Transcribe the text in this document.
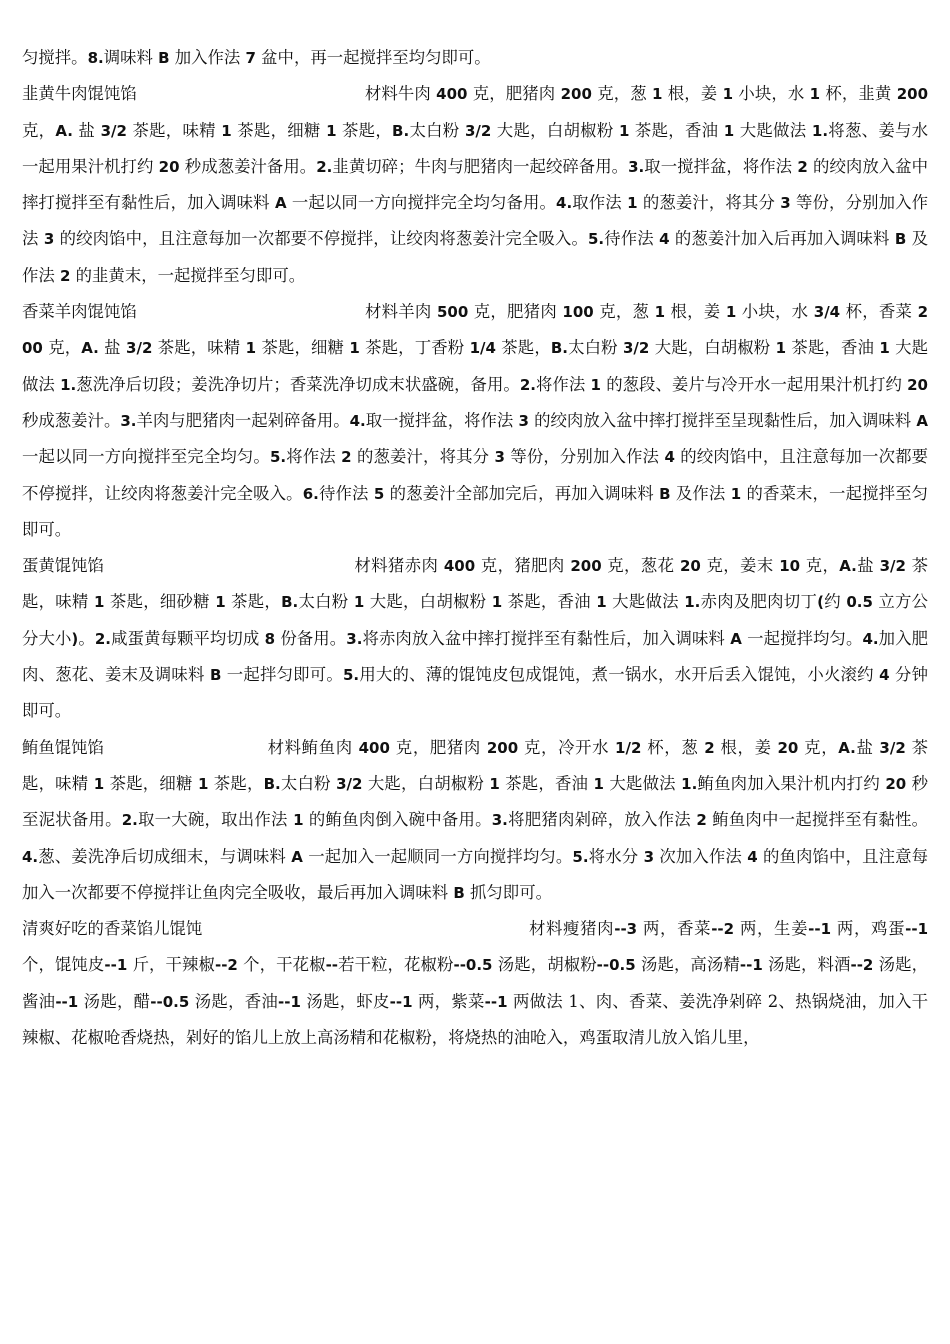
匀搅拌。8.调味料 B 加入作法 7 盆中，再一起搅拌至均匀即可。

韭黄牛肉馄饨馅	材料牛肉 400 克，肥猪肉 200 克，葱 1 根，姜 1 小块，水 1 杯，韭黄 200 克，A. 盐 3/2 茶匙，味精 1 茶匙，细糖 1 茶匙，B.太白粉 3/2 大匙，白胡椒粉 1 茶匙，香油 1 大匙做法 1.将葱、姜与水一起用果汁机打约 20 秒成葱姜汁备用。2.韭黄切碎；牛肉与肥猪肉一起绞碎备用。3.取一搅拌盆，将作法 2 的绞肉放入盆中摔打搅拌至有黏性后，加入调味料 A 一起以同一方向搅拌完全均匀备用。4.取作法 1 的葱姜汁，将其分 3 等份，分别加入作法 3 的绞肉馅中，且注意每加一次都要不停搅拌，让绞肉将葱姜汁完全吸入。5.待作法 4 的葱姜汁加入后再加入调味料 B 及作法 2 的韭黄末，一起搅拌至匀即可。

香菜羊肉馄饨馅	材料羊肉 500 克，肥猪肉 100 克，葱 1 根，姜 1 小块，水 3/4 杯，香菜 200 克，A. 盐 3/2 茶匙，味精 1 茶匙，细糖 1 茶匙，丁香粉 1/4 茶匙，B.太白粉 3/2 大匙，白胡椒粉 1 茶匙，香油 1 大匙做法 1.葱洗净后切段；姜洗净切片；香菜洗净切成末状盛碗，备用。2.将作法 1 的葱段、姜片与冷开水一起用果汁机打约 20 秒成葱姜汁。3.羊肉与肥猪肉一起剁碎备用。4.取一搅拌盆，将作法 3 的绞肉放入盆中摔打搅拌至呈现黏性后，加入调味料 A 一起以同一方向搅拌至完全均匀。5.将作法 2 的葱姜汁，将其分 3 等份，分别加入作法 4 的绞肉馅中，且注意每加一次都要不停搅拌，让绞肉将葱姜汁完全吸入。6.待作法 5 的葱姜汁全部加完后，再加入调味料 B 及作法 1 的香菜末，一起搅拌至匀即可。

蛋黄馄饨馅	材料猪赤肉 400 克，猪肥肉 200 克，葱花 20 克，姜末 10 克，A.盐 3/2 茶匙，味精 1 茶匙，细砂糖 1 茶匙，B.太白粉 1 大匙，白胡椒粉 1 茶匙，香油 1 大匙做法 1.赤肉及肥肉切丁(约 0.5 立方公分大小)。2.咸蛋黄每颗平均切成 8 份备用。3.将赤肉放入盆中摔打搅拌至有黏性后，加入调味料 A 一起搅拌均匀。4.加入肥肉、葱花、姜末及调味料 B 一起拌匀即可。5.用大的、薄的馄饨皮包成馄饨，煮一锅水，水开后丢入馄饨，小火滚约 4 分钟即可。

鲔鱼馄饨馅	材料鲔鱼肉 400 克，肥猪肉 200 克，冷开水 1/2 杯，葱 2 根，姜 20 克，A.盐 3/2 茶匙，味精 1 茶匙，细糖 1 茶匙，B.太白粉 3/2 大匙，白胡椒粉 1 茶匙，香油 1 大匙做法 1.鲔鱼肉加入果汁机内打约 20 秒至泥状备用。2.取一大碗，取出作法 1 的鲔鱼肉倒入碗中备用。3.将肥猪肉剁碎，放入作法 2 鲔鱼肉中一起搅拌至有黏性。4.葱、姜洗净后切成细末，与调味料 A 一起加入一起顺同一方向搅拌均匀。5.将水分 3 次加入作法 4 的鱼肉馅中，且注意每加入一次都要不停搅拌让鱼肉完全吸收，最后再加入调味料 B 抓匀即可。

清爽好吃的香菜馅儿馄饨	材料瘦猪肉--3 两，香菜--2 两，生姜--1 两，鸡蛋--1 个，馄饨皮--1 斤，干辣椒--2 个，干花椒--若干粒，花椒粉--0.5 汤匙，胡椒粉--0.5 汤匙，高汤精--1 汤匙，料酒--2 汤匙，酱油--1 汤匙，醋--0.5 汤匙，香油--1 汤匙，虾皮--1 两，紫菜--1 两做法 1、肉、香菜、姜洗净剁碎 2、热锅烧油，加入干辣椒、花椒呛香烧热，剁好的馅儿上放上高汤精和花椒粉，将烧热的油呛入，鸡蛋取清儿放入馅儿里，
